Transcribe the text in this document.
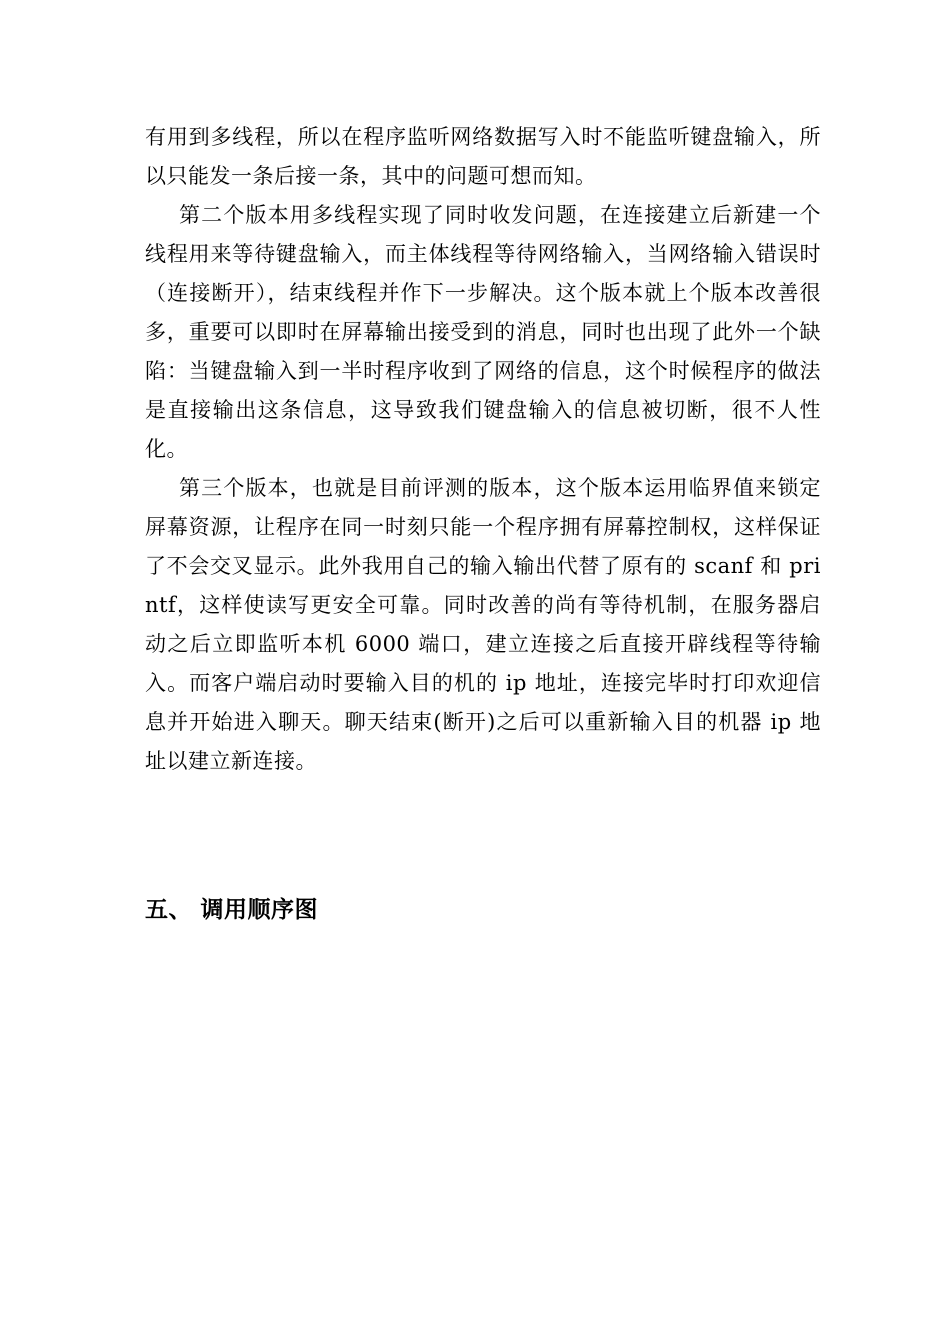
有用到多线程，所以在程序监听网络数据写入时不能监听键盘输入，所以只能发一条后接一条，其中的问题可想而知。

第二个版本用多线程实现了同时收发问题，在连接建立后新建一个线程用来等待键盘输入，而主体线程等待网络输入，当网络输入错误时（连接断开），结束线程并作下一步解决。这个版本就上个版本改善很多，重要可以即时在屏幕输出接受到的消息，同时也出现了此外一个缺陷：当键盘输入到一半时程序收到了网络的信息，这个时候程序的做法是直接输出这条信息，这导致我们键盘输入的信息被切断，很不人性化。

第三个版本，也就是目前评测的版本，这个版本运用临界值来锁定屏幕资源，让程序在同一时刻只能一个程序拥有屏幕控制权，这样保证了不会交叉显示。此外我用自己的输入输出代替了原有的 scanf 和 printf，这样使读写更安全可靠。同时改善的尚有等待机制，在服务器启动之后立即监听本机 6000 端口，建立连接之后直接开辟线程等待输入。而客户端启动时要输入目的机的 ip 地址，连接完毕时打印欢迎信息并开始进入聊天。聊天结束(断开)之后可以重新输入目的机器 ip 地址以建立新连接。

五、 调用顺序图
